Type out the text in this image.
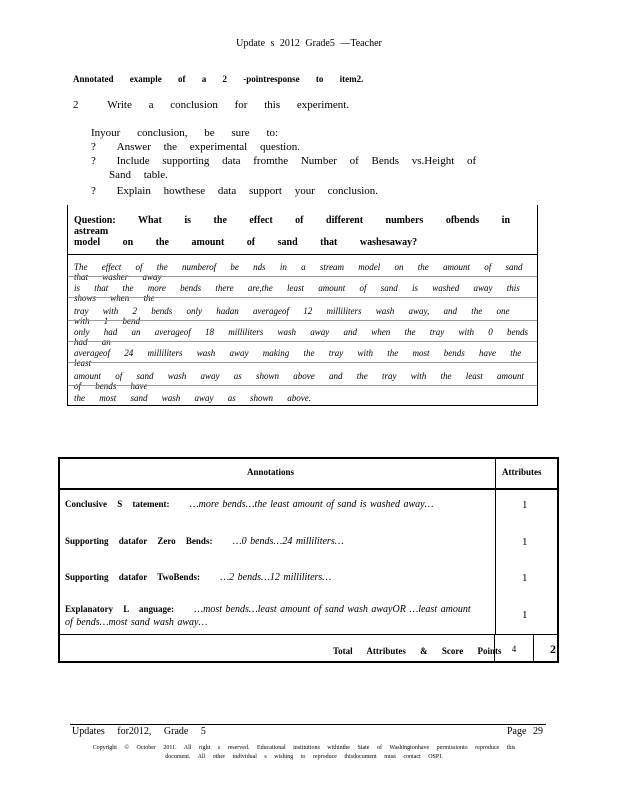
Update s 2012 Grade5 —Teacher
Annotated example of a 2 -pointresponse to item2.
2	Write a conclusion for this experiment.
Inyour conclusion, be sure to:
? Answer the experimental question.
? Include supporting data fromthe Number of Bends vs.Height of
Sand table.
? Explain howthese data support your conclusion.
Question: What is the effect of different numbers ofbends in astream
model on the amount of sand that washesaway?
The effect of the numberof be nds in a stream model on the amount of sand that washer away
is that the more bends there are,the least amount of sand is washed away this shows when the
tray with 2 bends only hadan averageof 12 milliliters wash away, and the one with 1 bend
only had an averageof 18 milliliters wash away and when the tray with 0 bends had an
averageof 24 milliliters wash away making the tray with the most bends have the least
amount of sand wash away as shown above and the tray with the least amount of bends have
the most sand wash away as shown above.
Annotations	Attributes
Conclusive S tatement: …more bends…the least amount of sand is washed away…	1
Supporting datafor Zero Bends: …0 bends…24 milliliters…	1
Supporting datafor TwoBends: …2 bends…12 milliliters…	1
Explanatory L anguage: …most bends…least amount of sand wash awayOR …least amount
of bends…most sand wash away…
1
Total Attributes & Score Points	4	2
Updates for2012, Grade 5	Page 29
Copyright © October 2011. All right s reserved. Educational institutions withinthe State of Washingtonhave permissionto reproduce this
document. All other individual s wishing to reproduce thisdocument must contact OSPI.
